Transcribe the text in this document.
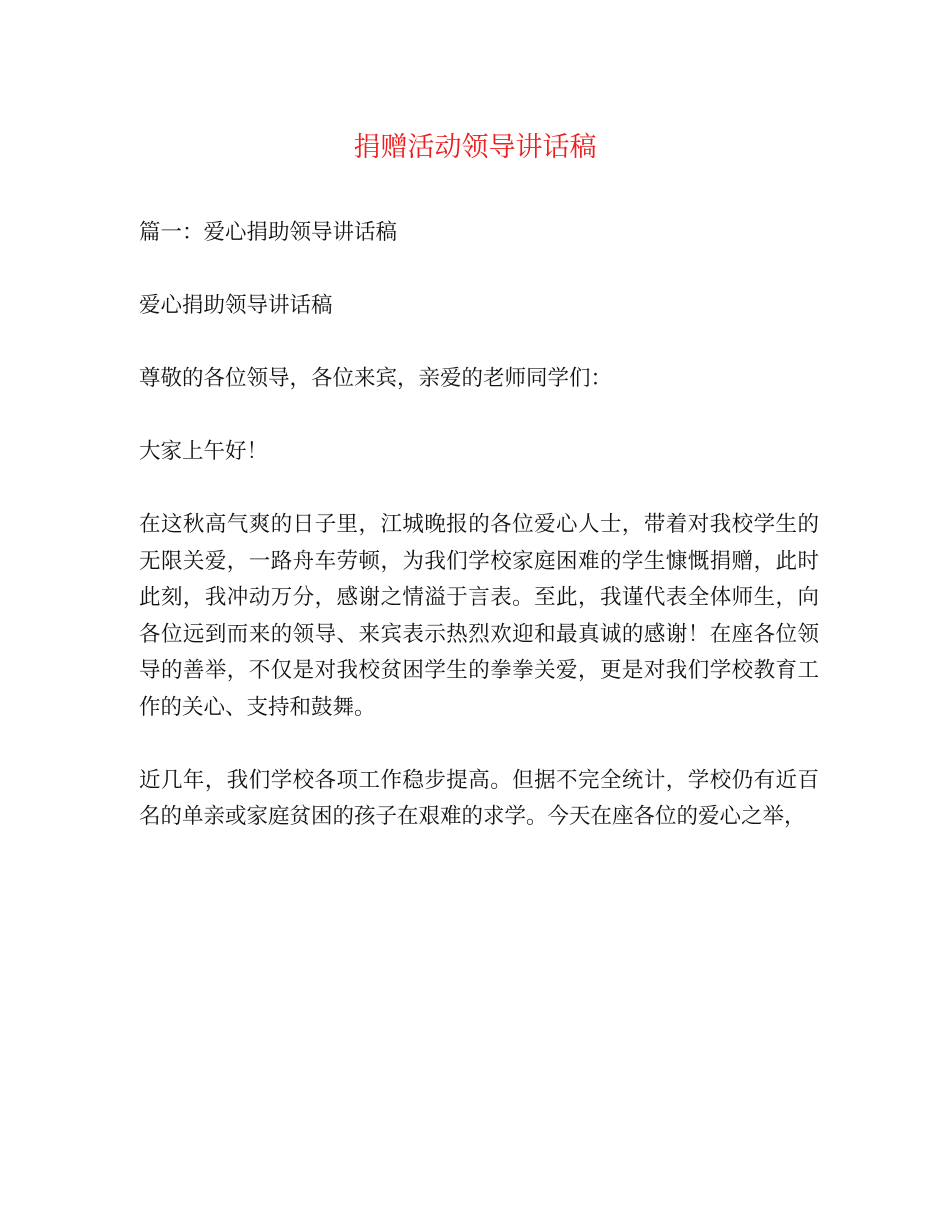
捐赠活动领导讲话稿

篇一：爱心捐助领导讲话稿

爱心捐助领导讲话稿

尊敬的各位领导，各位来宾，亲爱的老师同学们：

大家上午好！

在这秋高气爽的日子里，江城晚报的各位爱心人士，带着对我校学生的无限关爱，一路舟车劳顿，为我们学校家庭困难的学生慷慨捐赠，此时此刻，我冲动万分，感谢之情溢于言表。至此，我谨代表全体师生，向各位远到而来的领导、来宾表示热烈欢迎和最真诚的感谢！在座各位领导的善举，不仅是对我校贫困学生的拳拳关爱，更是对我们学校教育工作的关心、支持和鼓舞。

近几年，我们学校各项工作稳步提高。但据不完全统计，学校仍有近百名的单亲或家庭贫困的孩子在艰难的求学。今天在座各位的爱心之举，
